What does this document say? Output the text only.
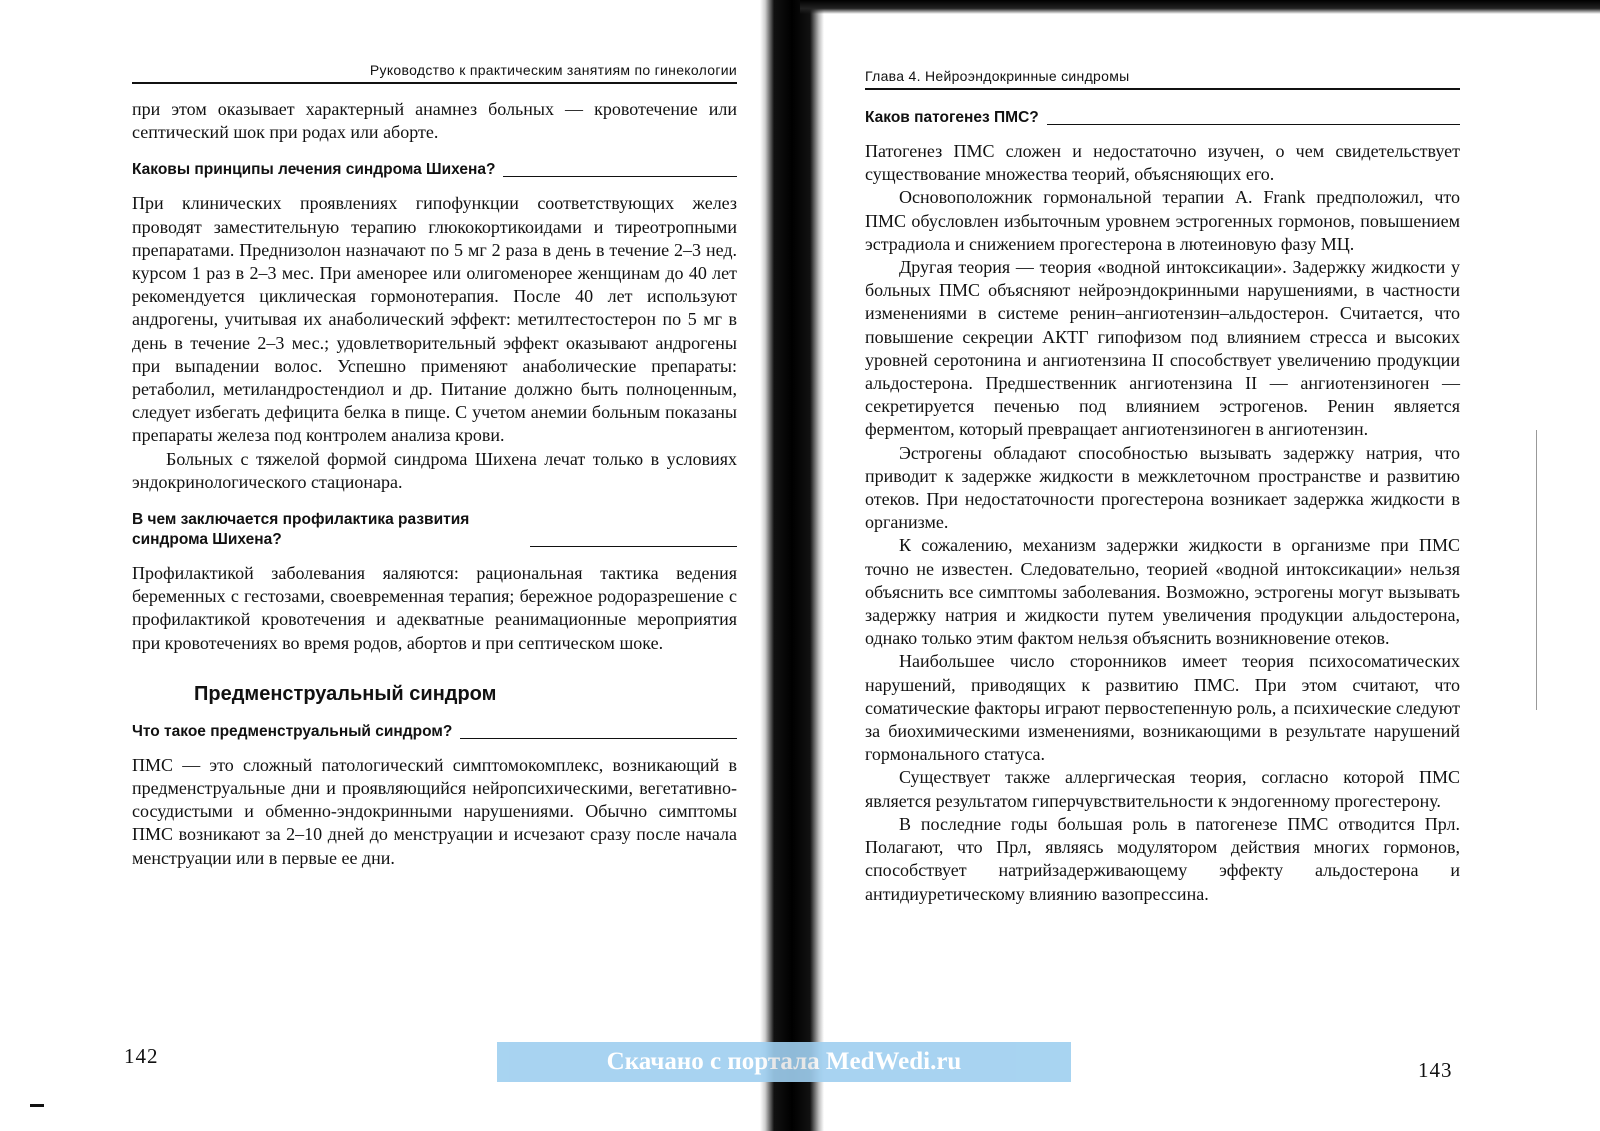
Руководство к практическим занятиям по гинекологии

при этом оказывает характерный анамнез больных — кровотечение или септический шок при родах или аборте.

Каковы принципы лечения синдрома Шихена?

При клинических проявлениях гипофункции соответствующих желез проводят заместительную терапию глюкокортикоидами и тиреотропными препаратами. Преднизолон назначают по 5 мг 2 раза в день в течение 2–3 нед. курсом 1 раз в 2–3 мес. При аменорее или олигоменорее женщинам до 40 лет рекомендуется циклическая гормонотерапия. После 40 лет используют андрогены, учитывая их анаболический эффект: метилтестостерон по 5 мг в день в течение 2–3 мес.; удовлетворительный эффект оказывают андрогены при выпадении волос. Успешно применяют анаболические препараты: ретаболил, метиландростендиол и др. Питание должно быть полноценным, следует избегать дефицита белка в пище. С учетом анемии больным показаны препараты железа под контролем анализа крови.

Больных с тяжелой формой синдрома Шихена лечат только в условиях эндокринологического стационара.

В чем заключается профилактика развития синдрома Шихена?

Профилактикой заболевания яаляются: рациональная тактика ведения беременных с гестозами, своевременная терапия; бережное родоразрешение с профилактикой кровотечения и адекватные реанимационные мероприятия при кровотечениях во время родов, абортов и при септическом шоке.

Предменструальный синдром
Что такое предменструальный синдром?

ПМС — это сложный патологический симптомокомплекс, возникающий в предменструальные дни и проявляющийся нейропсихическими, вегетативно-сосудистыми и обменно-эндокринными нарушениями. Обычно симптомы ПМС возникают за 2–10 дней до менструации и исчезают сразу после начала менструации или в первые ее дни.

142
Глава 4. Нейроэндокринные синдромы
Каков патогенез ПМС?

Патогенез ПМС сложен и недостаточно изучен, о чем свидетельствует существование множества теорий, объясняющих его.

Основоположник гормональной терапии A. Frank предположил, что ПМС обусловлен избыточным уровнем эстрогенных гормонов, повышением эстрадиола и снижением прогестерона в лютеиновую фазу МЦ.

Другая теория — теория «водной интоксикации». Задержку жидкости у больных ПМС объясняют нейроэндокринными нарушениями, в частности изменениями в системе ренин–ангиотензин–альдостерон. Считается, что повышение секреции АКТГ гипофизом под влиянием стресса и высоких уровней серотонина и ангиотензина II способствует увеличению продукции альдостерона. Предшественник ангиотензина II — ангиотензиноген — секретируется печенью под влиянием эстрогенов. Ренин является ферментом, который превращает ангиотензиноген в ангиотензин.

Эстрогены обладают способностью вызывать задержку натрия, что приводит к задержке жидкости в межклеточном пространстве и развитию отеков. При недостаточности прогестерона возникает задержка жидкости в организме.

К сожалению, механизм задержки жидкости в организме при ПМС точно не известен. Следовательно, теорией «водной интоксикации» нельзя объяснить все симптомы заболевания. Возможно, эстрогены могут вызывать задержку натрия и жидкости путем увеличения продукции альдостерона, однако только этим фактом нельзя объяснить возникновение отеков.

Наибольшее число сторонников имеет теория психосоматических нарушений, приводящих к развитию ПМС. При этом считают, что соматические факторы играют первостепенную роль, а психические следуют за биохимическими изменениями, возникающими в результате нарушений гормонального статуса.

Существует также аллергическая теория, согласно которой ПМС является результатом гиперчувствительности к эндогенному прогестерону.

В последние годы большая роль в патогенезе ПМС отводится Прл. Полагают, что Прл, являясь модулятором действия многих гормонов, способствует натрийзадерживающему эффекту альдостерона и антидиуретическому влиянию вазопрессина.

143
Скачано с портала MedWedi.ru
